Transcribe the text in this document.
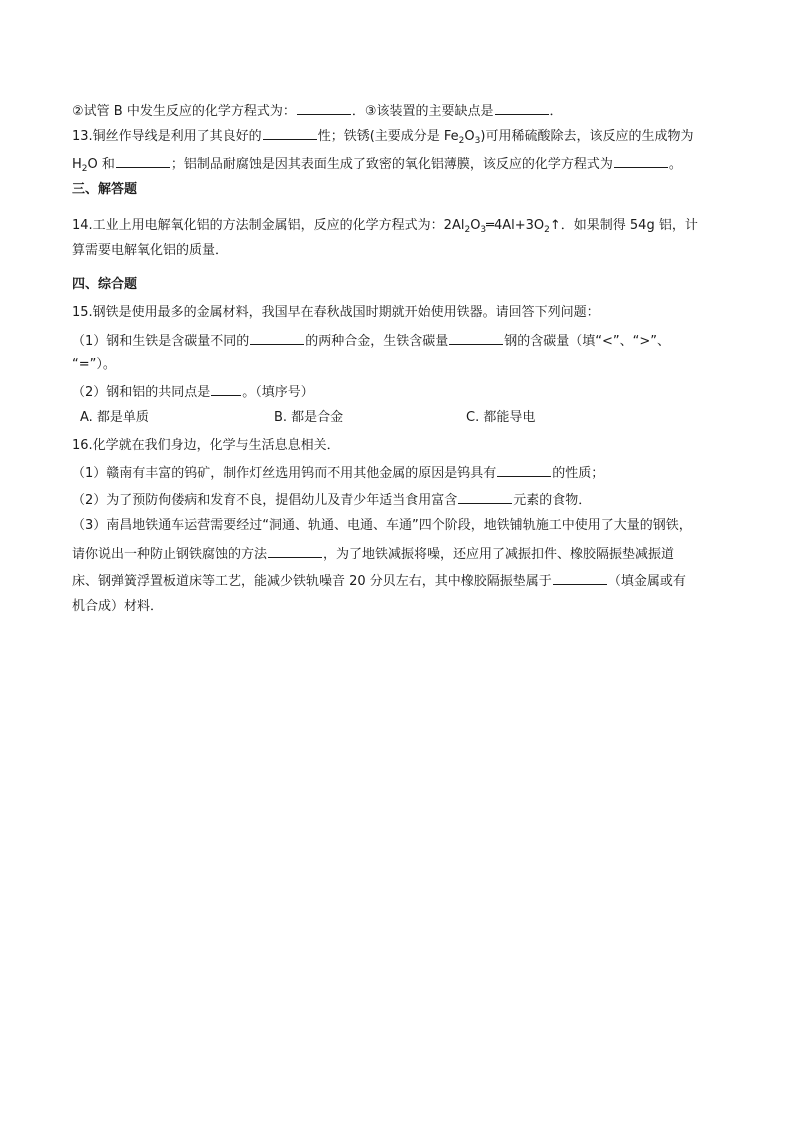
②试管 B 中发生反应的化学方程式为：	．③该装置的主要缺点是	．
13.铜丝作导线是利用了其良好的	性；铁锈(主要成分是 $Fe_2O_3$)可用稀硫酸除去，该反应的生成物为
$H_2O$ 和	；铝制品耐腐蚀是因其表面生成了致密的氧化铝薄膜，该反应的化学方程式为	。
三、解答题
14.工业上用电解氧化铝的方法制金属铝，反应的化学方程式为：$2Al_2O_3═4Al+3O_2↑$．如果制得 54g 铝，计
算需要电解氧化铝的质量．
四、综合题
15.钢铁是使用最多的金属材料，我国早在春秋战国时期就开始使用铁器。请回答下列问题：
（1）钢和生铁是含碳量不同的	的两种合金，生铁含碳量	钢的含碳量（填“<”、“>”、
“=”）。
（2）钢和铝的共同点是 。（填序号）
A. 都是单质	B. 都是合金	C. 都能导电
16.化学就在我们身边，化学与生活息息相关．
（1）赣南有丰富的钨矿，制作灯丝选用钨而不用其他金属的原因是钨具有	的性质；
（2）为了预防佝偻病和发育不良，提倡幼儿及青少年适当食用富含	元素的食物．
（3）南昌地铁通车运营需要经过“洞通、轨通、电通、车通”四个阶段，地铁铺轨施工中使用了大量的钢铁，
请你说出一种防止钢铁腐蚀的方法	，为了地铁减振将噪，还应用了减振扣件、橡胶隔振垫减振道
床、钢弹簧浮置板道床等工艺，能减少铁轨噪音 20 分贝左右，其中橡胶隔振垫属于	（填金属或有
机合成）材料．
